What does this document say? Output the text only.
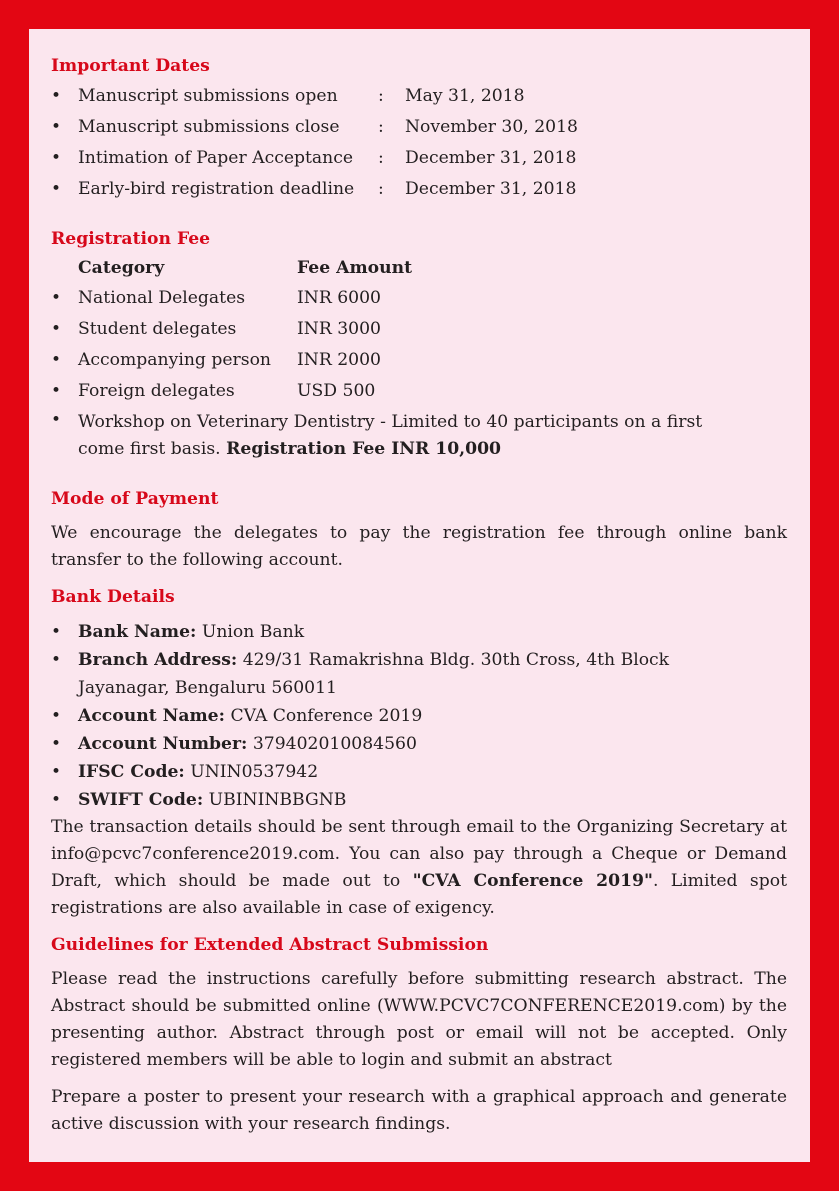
Important Dates
• Manuscript submissions open	:	May 31, 2018
• Manuscript submissions close	:	November 30, 2018
• Intimation of Paper Acceptance	:	December 31, 2018
• Early-bird registration deadline	:	December 31, 2018
Registration Fee
Category	Fee Amount
• National Delegates	INR 6000
• Student delegates	INR 3000
• Accompanying person	INR 2000
• Foreign delegates	USD 500
• Workshop on Veterinary Dentistry - Limited to 40 participants on a first come first basis. Registration Fee INR 10,000
Mode of Payment

We encourage the delegates to pay the registration fee through online bank transfer to the following account.

Bank Details
• Bank Name: Union Bank
• Branch Address: 429/31 Ramakrishna Bldg. 30th Cross, 4th Block Jayanagar, Bengaluru 560011
• Account Name: CVA Conference 2019
• Account Number: 379402010084560
• IFSC Code: UNIN0537942
• SWIFT Code: UBININBBGNB

The transaction details should be sent through email to the Organizing Secretary at info@pcvc7conference2019.com. You can also pay through a Cheque or Demand Draft, which should be made out to "CVA Conference 2019". Limited spot registrations are also available in case of exigency.

Guidelines for Extended Abstract Submission

Please read the instructions carefully before submitting research abstract. The Abstract should be submitted online (WWW.PCVC7CONFERENCE2019.com) by the presenting author. Abstract through post or email will not be accepted. Only registered members will be able to login and submit an abstract

Prepare a poster to present your research with a graphical approach and generate active discussion with your research findings.
